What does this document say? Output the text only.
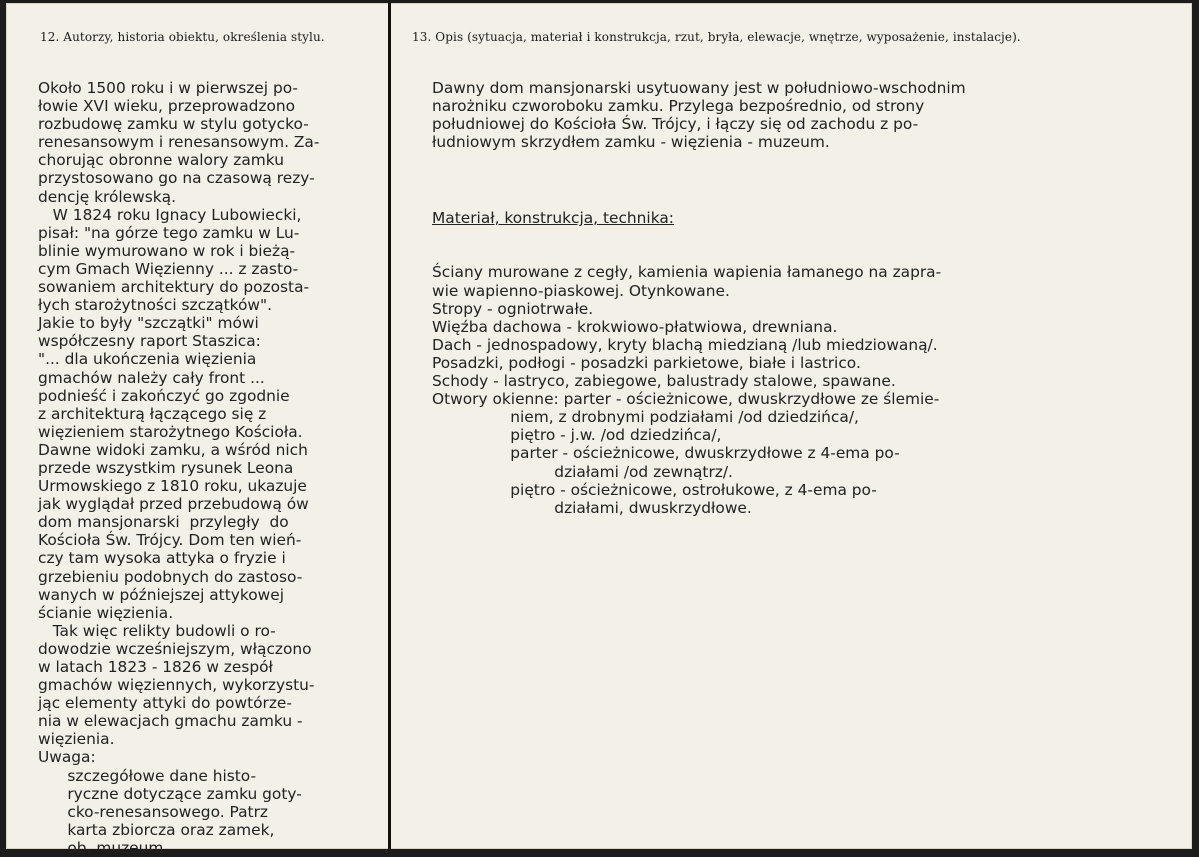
12. Autorzy, historia obiektu, określenia stylu.	13. Opis (sytuacja, materiał i konstrukcja, rzut, bryła, elewacje, wnętrze, wyposażenie, instalacje).
Około 1500 roku i w pierwszej po-
łowie XVI wieku, przeprowadzono
rozbudowę zamku w stylu gotycko-
renesansowym i renesansowym. Za-
chorując obronne walory zamku
przystosowano go na czasową rezy-
dencję królewską.
W 1824 roku Ignacy Lubowiecki,
pisał: "na górze tego zamku w Lu-
blinie wymurowano w rok i bieżą-
cym Gmach Więzienny ... z zasto-
sowaniem architektury do pozosta-
łych starożytności szczątków".
Jakie to były "szczątki" mówi
współczesny raport Staszica:
"... dla ukończenia więzienia
gmachów należy cały front ...
podnieść i zakończyć go zgodnie
z architekturą łączącego się z
więzieniem starożytnego Kościoła.
Dawne widoki zamku, a wśród nich
przede wszystkim rysunek Leona
Urmowskiego z 1810 roku, ukazuje
jak wyglądał przed przebudową ów
dom mansjonarski  przyległy  do
Kościoła Św. Trójcy. Dom ten wień-
czy tam wysoka attyka o fryzie i
grzebieniu podobnych do zastoso-
wanych w późniejszej attykowej
ścianie więzienia.
Tak więc relikty budowli o ro-
dowodzie wcześniejszym, włączono
w latach 1823 - 1826 w zespół
gmachów więziennych, wykorzystu-
jąc elementy attyki do powtórze-
nia w elewacjach gmachu zamku -
więzienia.
Uwaga:
szczegółowe dane histo-
ryczne dotyczące zamku goty-
cko-renesansowego. Patrz
karta zbiorcza oraz zamek,
ob. muzeum.
Dawny dom mansjonarski usytuowany jest w południowo-wschodnim
narożniku czworoboku zamku. Przylega bezpośrednio, od strony
południowej do Kościoła Św. Trójcy, i łączy się od zachodu z po-
łudniowym skrzydłem zamku - więzienia - muzeum.

Materiał, konstrukcja, technika:

Ściany murowane z cegły, kamienia wapienia łamanego na zapra-
wie wapienno-piaskowej. Otynkowane.
Stropy - ogniotrwałe.
Więźba dachowa - krokwiowo-płatwiowa, drewniana.
Dach - jednospadowy, kryty blachą miedzianą /lub miedziowaną/.
Posadzki, podłogi - posadzki parkietowe, białe i lastrico.
Schody - lastryco, zabiegowe, balustrady stalowe, spawane.
Otwory okienne: parter - ościeżnicowe, dwuskrzydłowe ze ślemie-
niem, z drobnymi podziałami /od dziedzińca/,
piętro - j.w. /od dziedzińca/,
parter - ościeżnicowe, dwuskrzydłowe z 4-ema po-
działami /od zewnątrz/.
piętro - ościeżnicowe, ostrołukowe, z 4-ema po-
działami, dwuskrzydłowe.
